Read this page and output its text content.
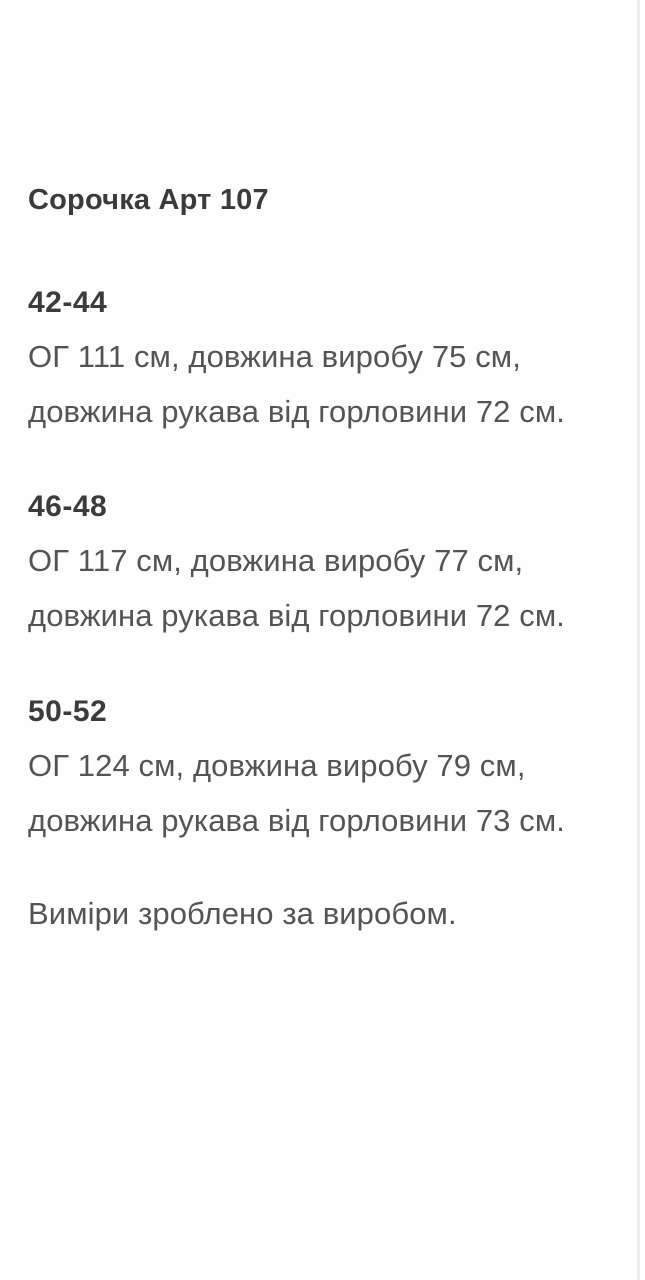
Сорочка Арт 107
42-44
ОГ 111 см, довжина виробу 75 см,
довжина рукава від горловини 72 см.
46-48
ОГ 117 см, довжина виробу 77 см,
довжина рукава від горловини 72 см.
50-52
ОГ 124 см, довжина виробу 79 см,
довжина рукава від горловини 73 см.
Виміри зроблено за виробом.
